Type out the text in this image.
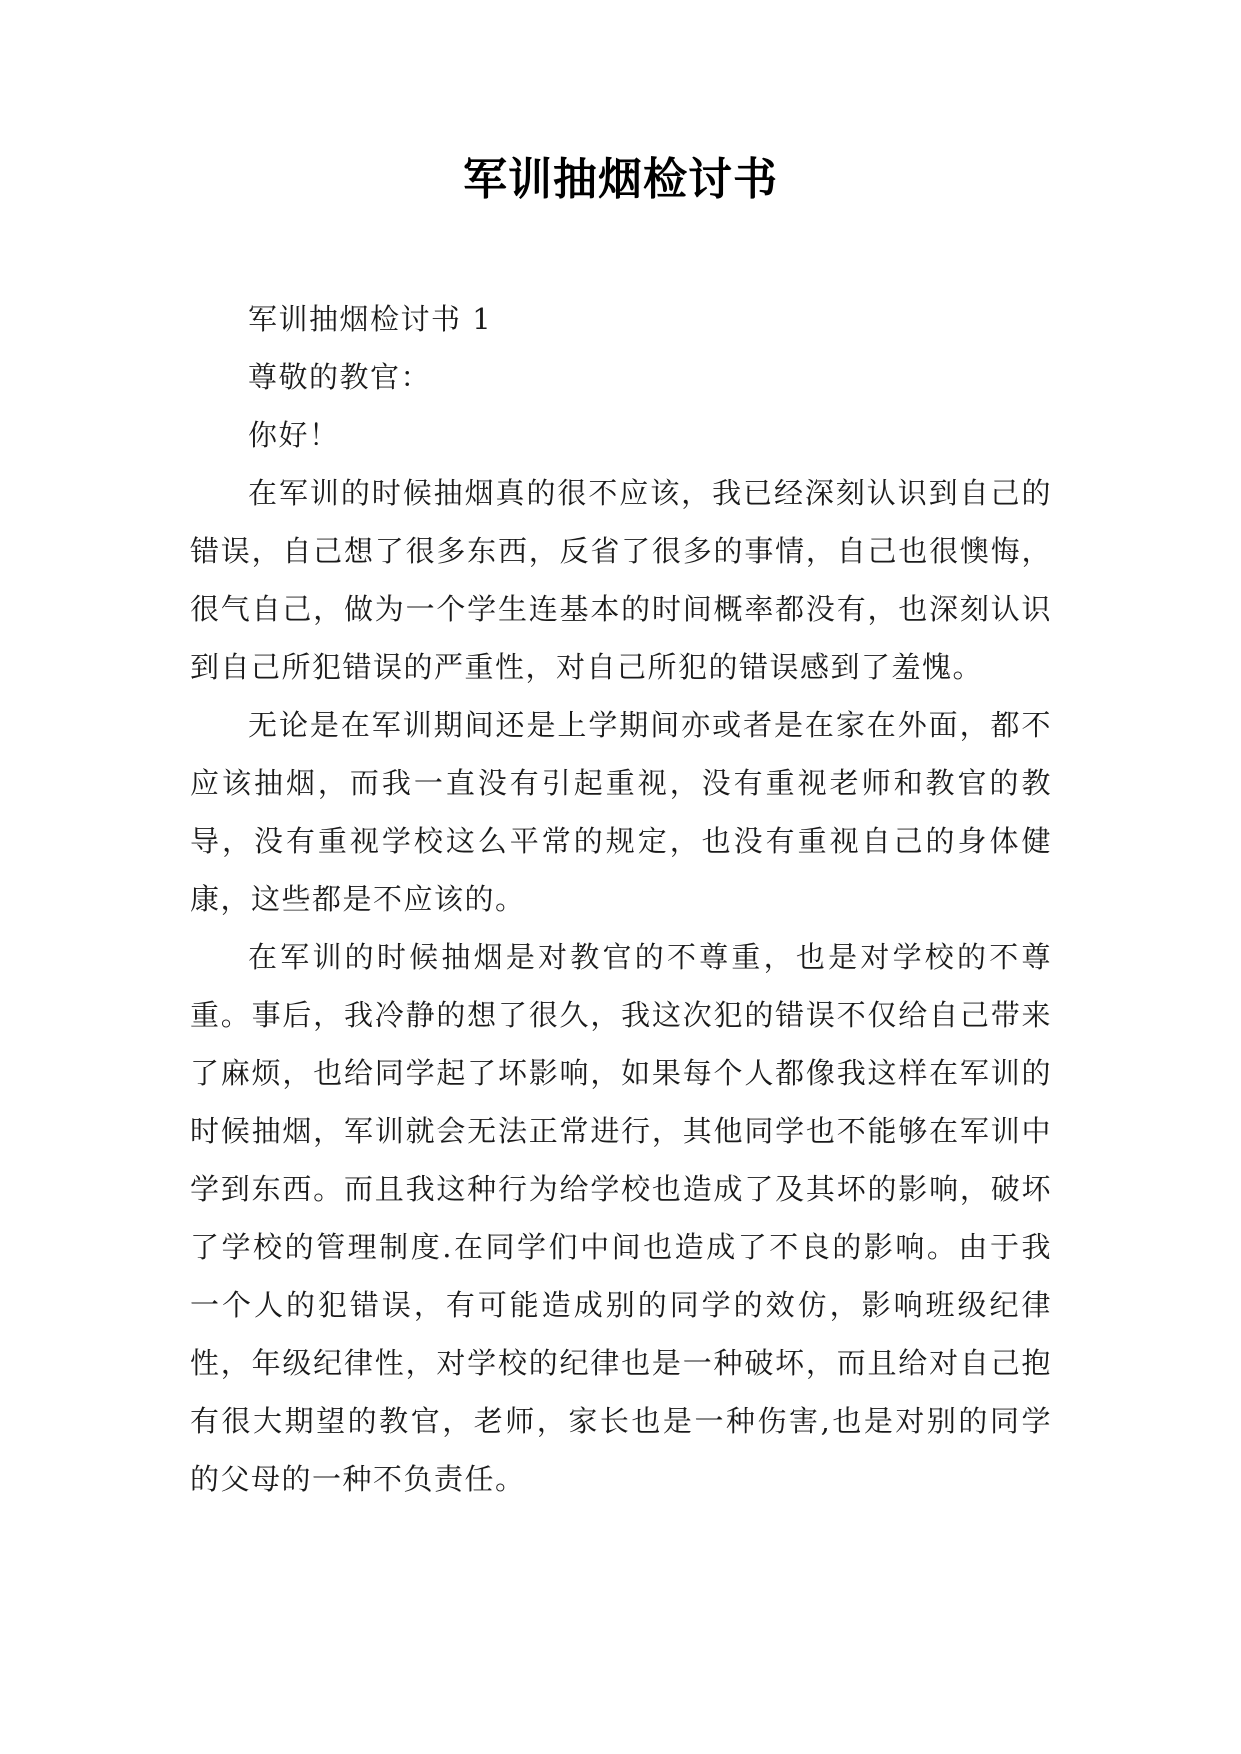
军训抽烟检讨书

军训抽烟检讨书 1

尊敬的教官：

你好！

在军训的时候抽烟真的很不应该，我已经深刻认识到自己的错误，自己想了很多东西，反省了很多的事情，自己也很懊悔，很气自己，做为一个学生连基本的时间概率都没有，也深刻认识到自己所犯错误的严重性，对自己所犯的错误感到了羞愧。

无论是在军训期间还是上学期间亦或者是在家在外面，都不应该抽烟，而我一直没有引起重视，没有重视老师和教官的教导，没有重视学校这么平常的规定，也没有重视自己的身体健康，这些都是不应该的。

在军训的时候抽烟是对教官的不尊重，也是对学校的不尊重。事后，我冷静的想了很久，我这次犯的错误不仅给自己带来了麻烦，也给同学起了坏影响，如果每个人都像我这样在军训的时候抽烟，军训就会无法正常进行，其他同学也不能够在军训中学到东西。而且我这种行为给学校也造成了及其坏的影响，破坏了学校的管理制度.在同学们中间也造成了不良的影响。由于我一个人的犯错误，有可能造成别的同学的效仿，影响班级纪律性，年级纪律性，对学校的纪律也是一种破坏，而且给对自己抱有很大期望的教官，老师，家长也是一种伤害,也是对别的同学的父母的一种不负责任。
